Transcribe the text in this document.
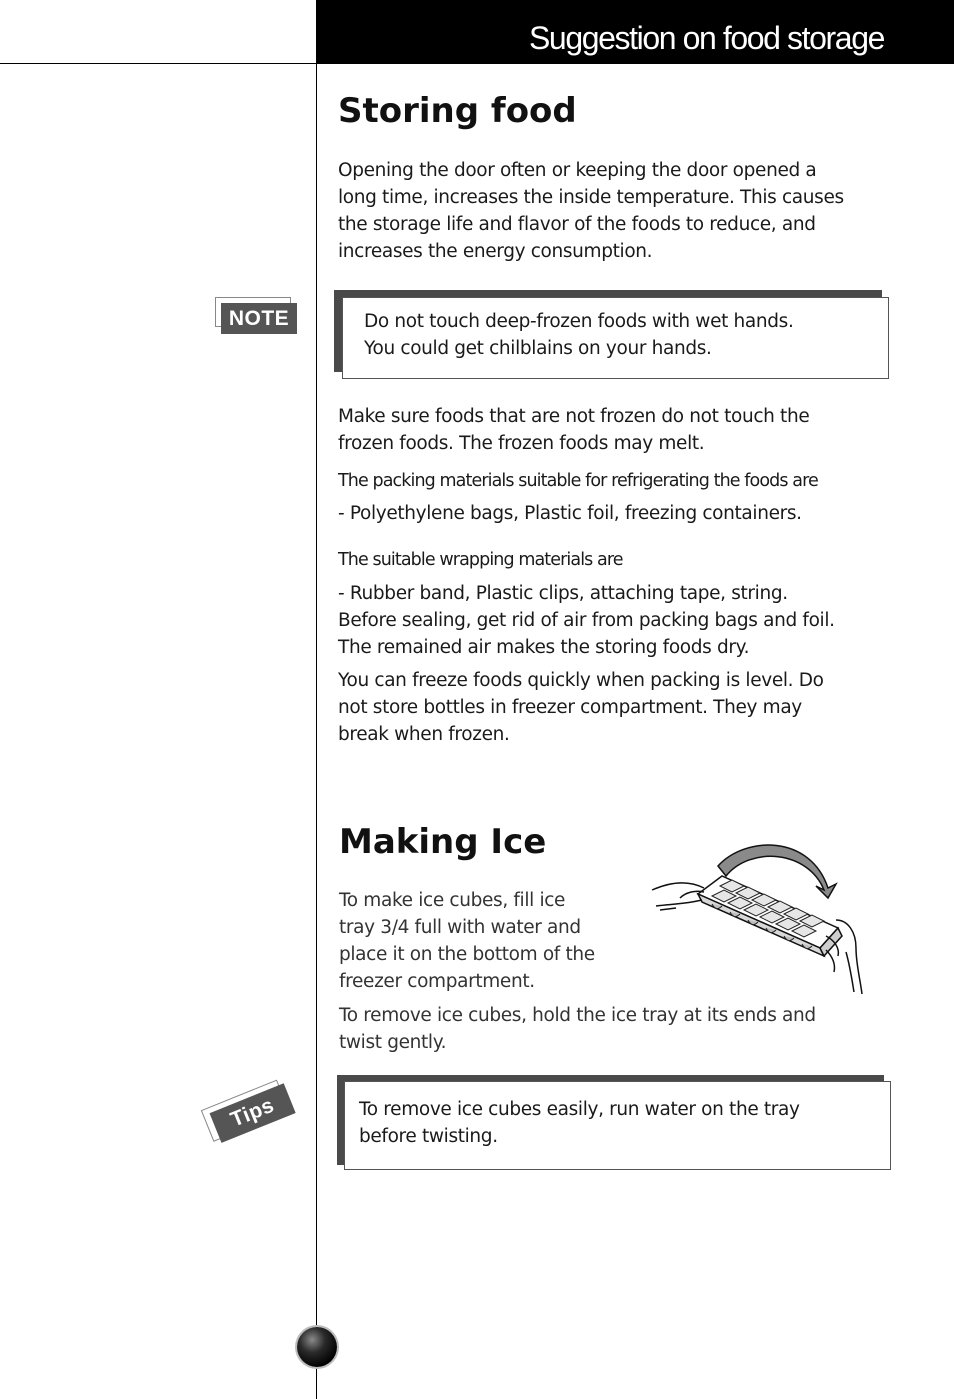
Suggestion on food storage
Storing food
Opening the door often or keeping the door opened a
long time, increases the inside temperature. This causes
the storage life and flavor of the foods to reduce, and
increases the energy consumption.
NOTE	Do not touch deep-frozen foods with wet hands.
You could get chilblains on your hands.
Make sure foods that are not frozen do not touch the
frozen foods. The frozen foods may melt.
The packing materials suitable for refrigerating the foods are
- Polyethylene bags, Plastic foil, freezing containers.
The suitable wrapping materials are
- Rubber band, Plastic clips, attaching tape, string.
Before sealing, get rid of air from packing bags and foil.
The remained air makes the storing foods dry.
You can freeze foods quickly when packing is level. Do
not store bottles in freezer compartment. They may
break when frozen.
Making Ice
To make ice cubes, fill ice
tray 3/4 full with water and
place it on the bottom of the
freezer compartment.
To remove ice cubes, hold the ice tray at its ends and
twist gently.
Tips	To remove ice cubes easily, run water on the tray
before twisting.
